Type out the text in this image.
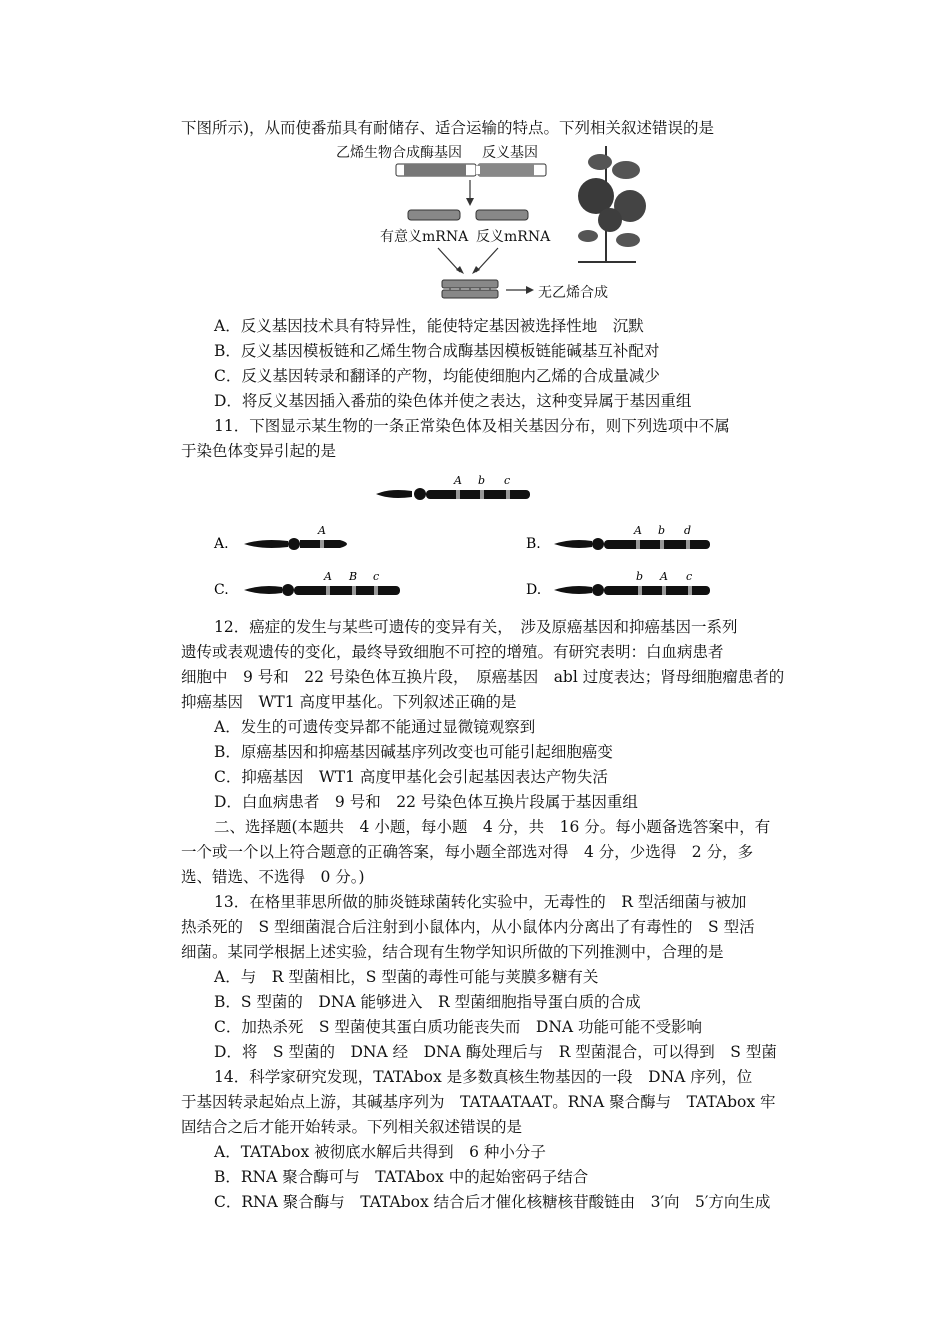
下图所示)，从而使番茄具有耐储存、适合运输的特点。下列相关叙述错误的是
乙烯生物合成酶基因 反义基因
有意义mRNA 反义mRNA
无乙烯合成
A．反义基因技术具有特异性，能使特定基因被选择性地　沉默
B．反义基因模板链和乙烯生物合成酶基因模板链能碱基互补配对
C．反义基因转录和翻译的产物，均能使细胞内乙烯的合成量减少
D．将反义基因插入番茄的染色体并使之表达，这种变异属于基因重组
11．下图显示某生物的一条正常染色体及相关基因分布，则下列选项中不属
于染色体变异引起的是
A b c
A.
A
B.
A b d
C.
A B c
D.
b A c
12．癌症的发生与某些可遗传的变异有关，　涉及原癌基因和抑癌基因一系列
遗传或表观遗传的变化，最终导致细胞不可控的增殖。有研究表明：白血病患者
细胞中　9 号和　22 号染色体互换片段，　原癌基因　abl 过度表达；肾母细胞瘤患者的
抑癌基因　WT1 高度甲基化。下列叙述正确的是
A．发生的可遗传变异都不能通过显微镜观察到
B．原癌基因和抑癌基因碱基序列改变也可能引起细胞癌变
C．抑癌基因　WT1 高度甲基化会引起基因表达产物失活
D．白血病患者　9 号和　22 号染色体互换片段属于基因重组
二、选择题(本题共　4 小题，每小题　4 分，共　16 分。每小题备选答案中，有
一个或一个以上符合题意的正确答案，每小题全部选对得　4 分，少选得　2 分，多
选、错选、不选得　0 分。)
13．在格里菲思所做的肺炎链球菌转化实验中，无毒性的　R 型活细菌与被加
热杀死的　S 型细菌混合后注射到小鼠体内，从小鼠体内分离出了有毒性的　S 型活
细菌。某同学根据上述实验，结合现有生物学知识所做的下列推测中，合理的是
A．与　R 型菌相比，S 型菌的毒性可能与荚膜多糖有关
B．S 型菌的　DNA 能够进入　R 型菌细胞指导蛋白质的合成
C．加热杀死　S 型菌使其蛋白质功能丧失而　DNA 功能可能不受影响
D．将　S 型菌的　DNA 经　DNA 酶处理后与　R 型菌混合，可以得到　S 型菌
14．科学家研究发现，TATAbox 是多数真核生物基因的一段　DNA 序列，位
于基因转录起始点上游，其碱基序列为　TATAATAAT。RNA 聚合酶与　TATAbox 牢
固结合之后才能开始转录。下列相关叙述错误的是
A．TATAbox 被彻底水解后共得到　6 种小分子
B．RNA 聚合酶可与　TATAbox 中的起始密码子结合
C．RNA 聚合酶与　TATAbox 结合后才催化核糖核苷酸链由　3′向　5′方向生成
